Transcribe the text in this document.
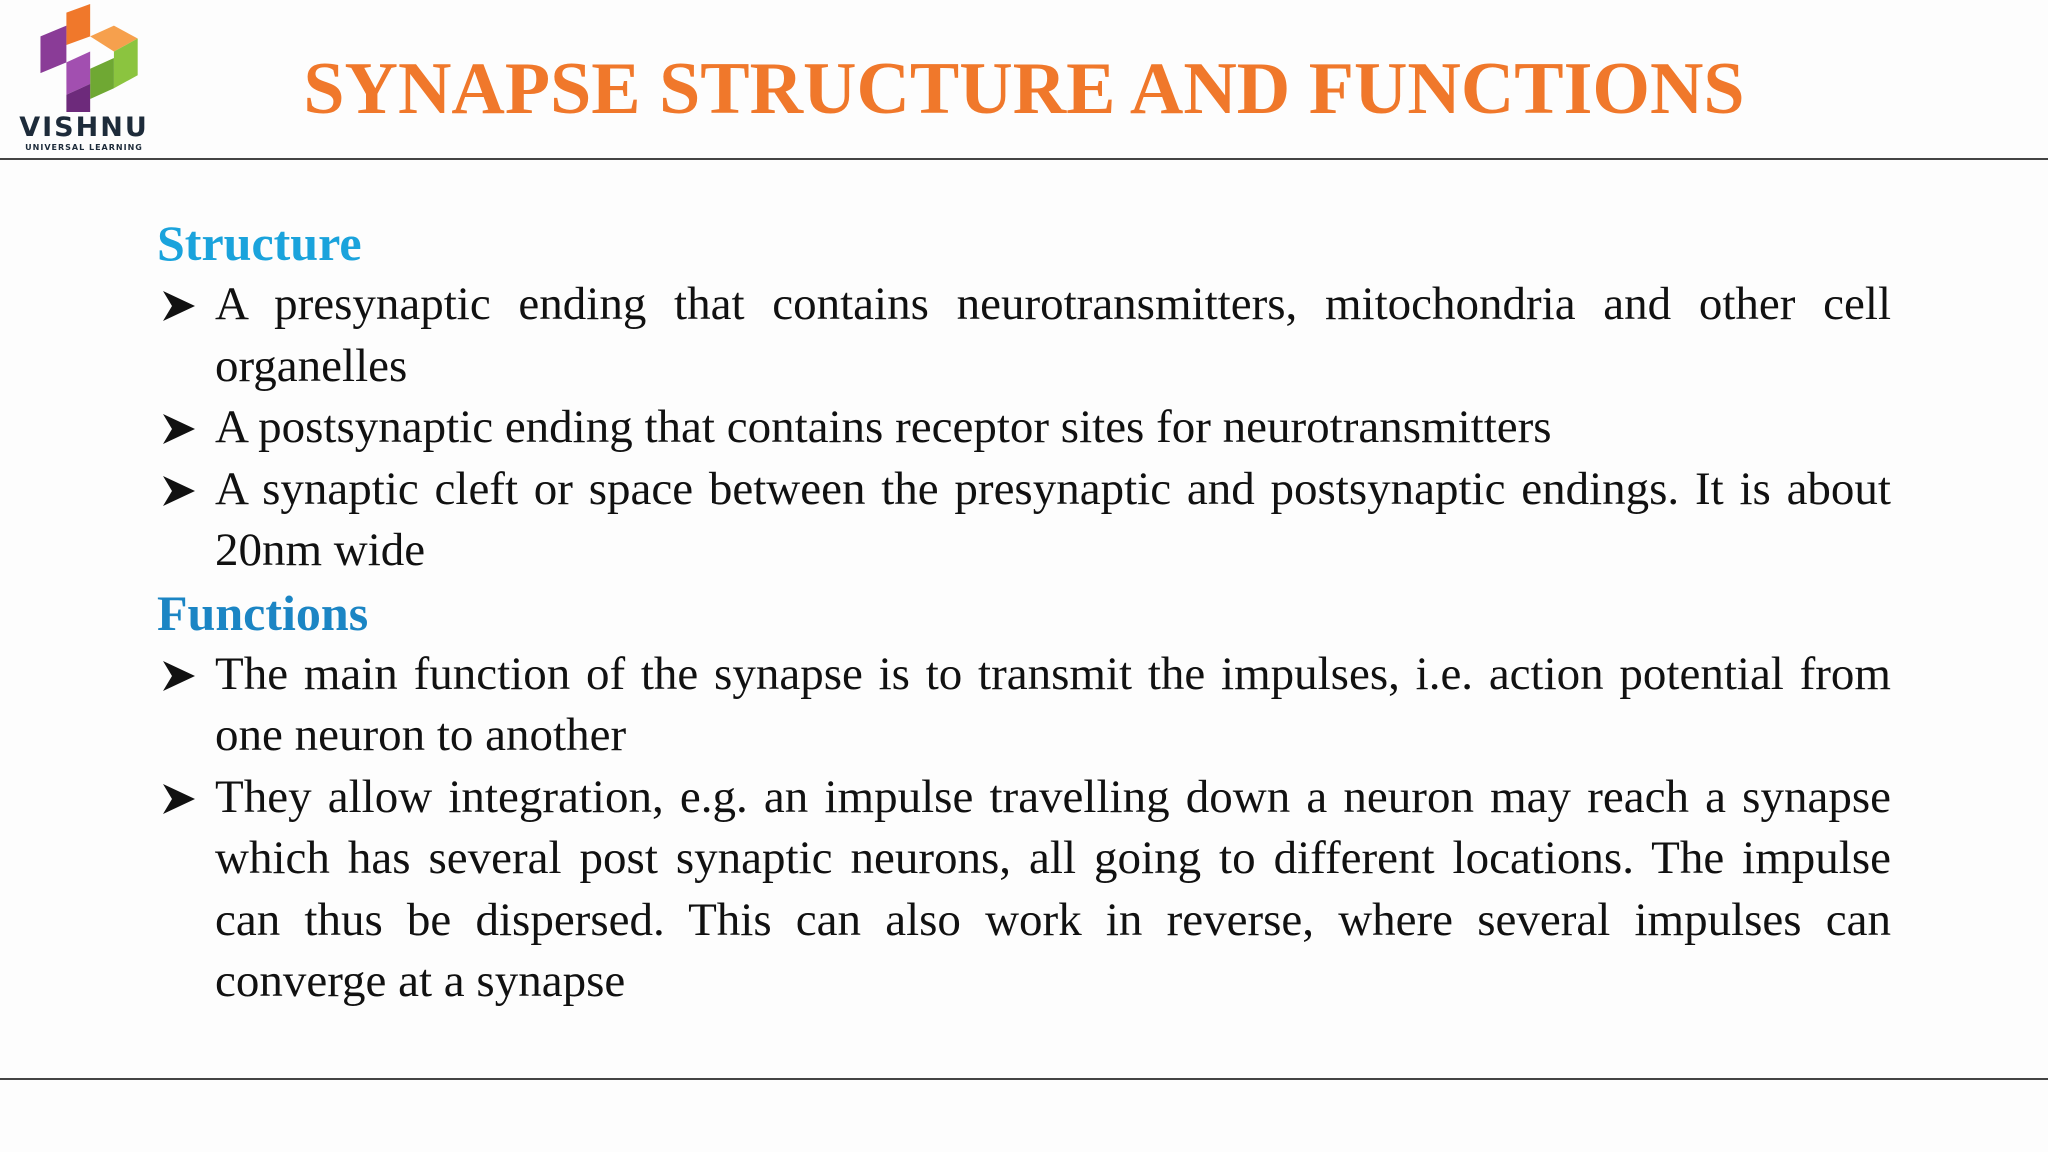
VISHNU
UNIVERSAL LEARNING
SYNAPSE STRUCTURE AND FUNCTIONS
Structure
A presynaptic ending that contains neurotransmitters, mitochondria and other cell organelles
A postsynaptic ending that contains receptor sites for neurotransmitters
A synaptic cleft or space between the presynaptic and postsynaptic endings. It is about 20nm wide
Functions
The main function of the synapse is to transmit the impulses, i.e. action potential from one neuron to another
They allow integration, e.g. an impulse travelling down a neuron may reach a synapse which has several post synaptic neurons, all going to different locations. The impulse can thus be dispersed. This can also work in reverse, where several impulses can converge at a synapse
